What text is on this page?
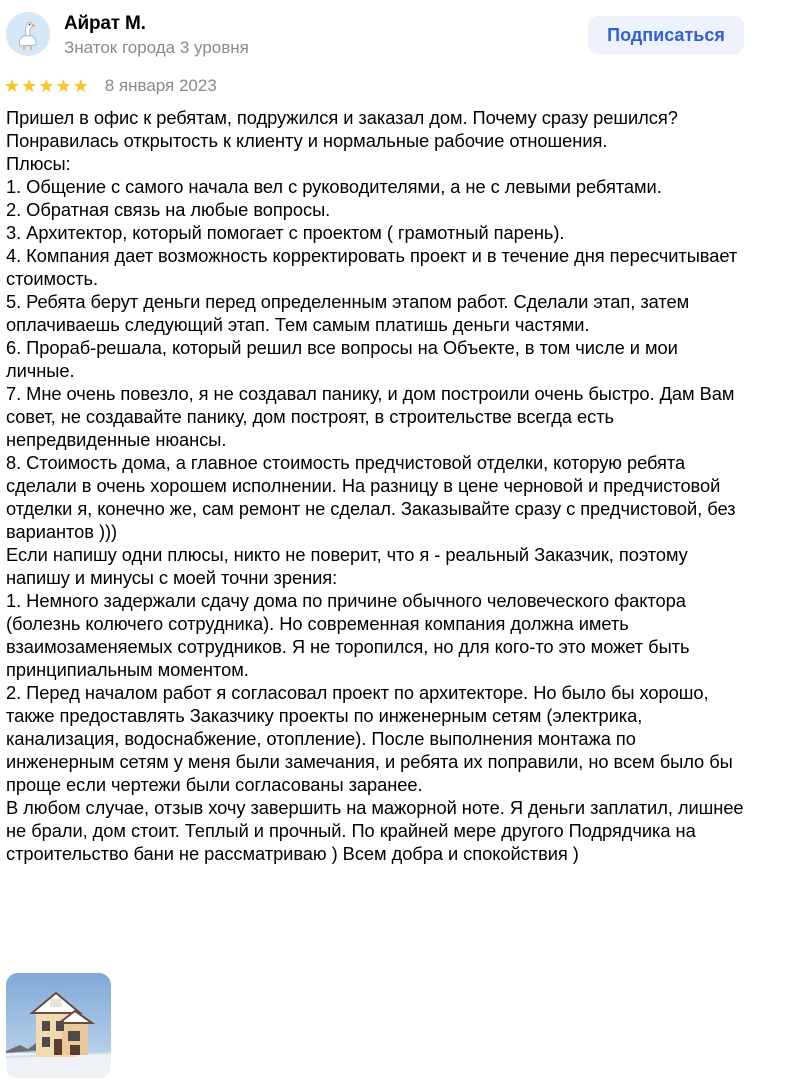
Айрат М.
Знаток города 3 уровня
Подписаться
★ ★ ★ ★ ★ 8 января 2023

Пришел в офис к ребятам, подружился и заказал дом. Почему сразу решился? Понравилась открытость к клиенту и нормальные рабочие отношения.

Плюсы:

1. Общение с самого начала вел с руководителями, а не с левыми ребятами.

2. Обратная связь на любые вопросы.

3. Архитектор, который помогает с проектом ( грамотный парень).

4. Компания дает возможность корректировать проект и в течение дня пересчитывает стоимость.

5. Ребята берут деньги перед определенным этапом работ. Сделали этап, затем оплачиваешь следующий этап. Тем самым платишь деньги частями.

6. Прораб-решала, который решил все вопросы на Объекте, в том числе и мои личные.

7. Мне очень повезло, я не создавал панику, и дом построили очень быстро. Дам Вам совет, не создавайте панику, дом построят, в строительстве всегда есть непредвиденные нюансы.

8. Стоимость дома, а главное стоимость предчистовой отделки, которую ребята сделали в очень хорошем исполнении. На разницу в цене черновой и предчистовой отделки я, конечно же, сам ремонт не сделал. Заказывайте сразу с предчистовой, без вариантов )))

Если напишу одни плюсы, никто не поверит, что я - реальный Заказчик, поэтому напишу и минусы с моей точни зрения:

1. Немного задержали сдачу дома по причине обычного человеческого фактора (болезнь колючего сотрудника). Но современная компания должна иметь взаимозаменяемых сотрудников. Я не торопился, но для кого-то это может быть принципиальным моментом.

2. Перед началом работ я согласовал проект по архитекторе. Но было бы хорошо, также предоставлять Заказчику проекты по инженерным сетям (электрика, канализация, водоснабжение, отопление). После выполнения монтажа по инженерным сетям у меня были замечания, и ребята их поправили, но всем было бы проще если чертежи были согласованы заранее.

В любом случае, отзыв хочу завершить на мажорной ноте. Я деньги заплатил, лишнее не брали, дом стоит. Теплый и прочный. По крайней мере другого Подрядчика на строительство бани не рассматриваю ) Всем добра и спокойствия )
